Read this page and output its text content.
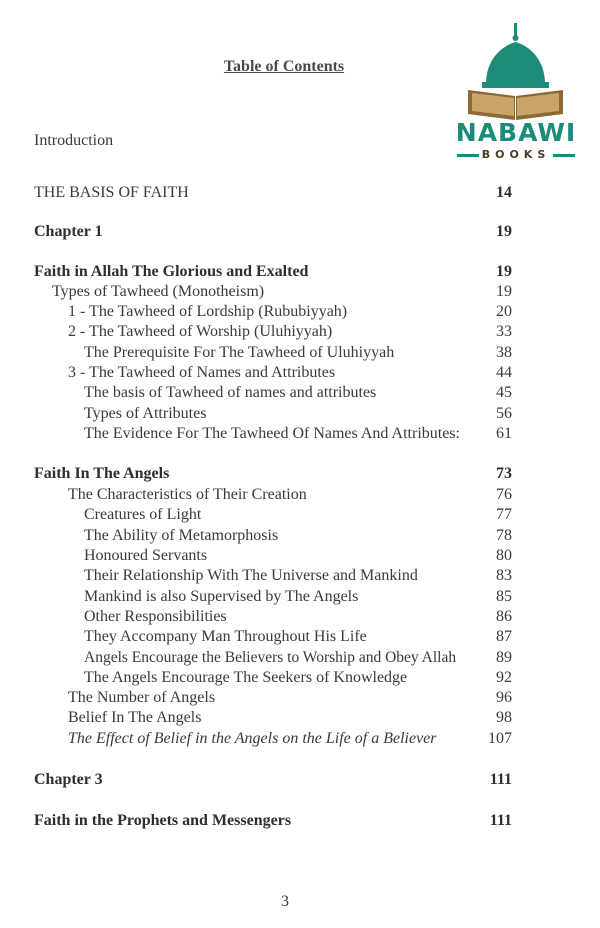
Table of Contents
NABAWI
BOOKS
Introduction
THE BASIS OF FAITH	14
Chapter 1	19
Faith in Allah The Glorious and Exalted	19
Types of Tawheed (Monotheism)	19
1 - The Tawheed of Lordship (Rububiyyah)	20
2 - The Tawheed of Worship (Uluhiyyah)	33
The Prerequisite For The Tawheed of Uluhiyyah	38
3 - The Tawheed of Names and Attributes	44
The basis of Tawheed of names and attributes	45
Types of Attributes	56
The Evidence For The Tawheed Of Names And Attributes: 61
Faith In The Angels	73
The Characteristics of Their Creation	76
Creatures of Light	77
The Ability of Metamorphosis	78
Honoured Servants	80
Their Relationship With The Universe and Mankind	83
Mankind is also Supervised by The Angels	85
Other Responsibilities	86
They Accompany Man Throughout His Life	87
Angels Encourage the Believers to Worship and Obey Allah 89
The Angels Encourage The Seekers of Knowledge	92
The Number of Angels	96
Belief In The Angels	98
The Effect of Belief in the Angels on the Life of a Believer	107
Chapter 3	111
Faith in the Prophets and Messengers	111
3
